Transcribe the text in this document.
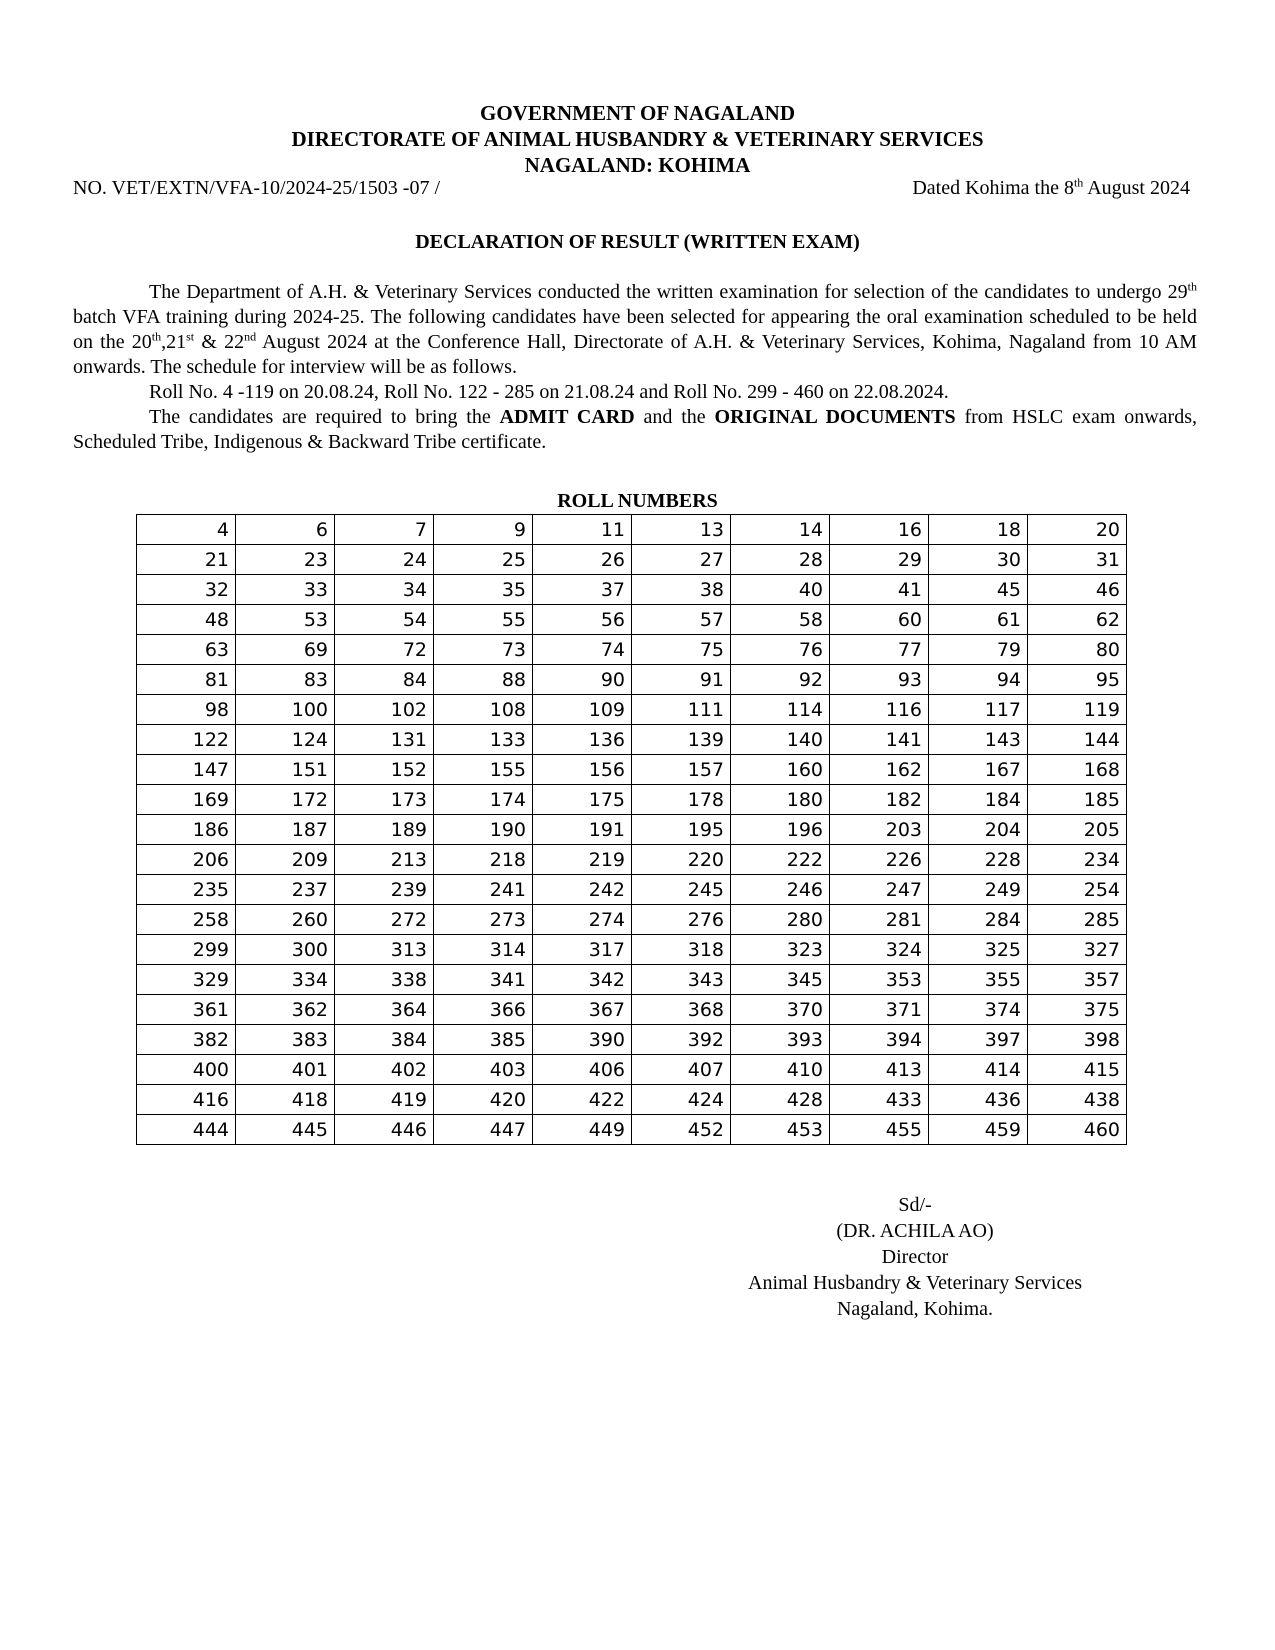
GOVERNMENT OF NAGALAND
DIRECTORATE OF ANIMAL HUSBANDRY & VETERINARY SERVICES
NAGALAND: KOHIMA
NO. VET/EXTN/VFA-10/2024-25/1503 -07 /	Dated Kohima the 8th August 2024
DECLARATION OF RESULT (WRITTEN EXAM)

The Department of A.H. & Veterinary Services conducted the written examination for selection of the candidates to undergo 29th batch VFA training during 2024-25. The following candidates have been selected for appearing the oral examination scheduled to be held on the 20th,21st & 22nd August 2024 at the Conference Hall, Directorate of A.H. & Veterinary Services, Kohima, Nagaland from 10 AM onwards. The schedule for interview will be as follows.

Roll No. 4 -119 on 20.08.24, Roll No. 122 - 285 on 21.08.24 and Roll No. 299 - 460 on 22.08.2024.

The candidates are required to bring the ADMIT CARD and the ORIGINAL DOCUMENTS from HSLC exam onwards, Scheduled Tribe, Indigenous & Backward Tribe certificate.

ROLL NUMBERS
4	6	7	9	11	13	14	16	18	20
21	23	24	25	26	27	28	29	30	31
32	33	34	35	37	38	40	41	45	46
48	53	54	55	56	57	58	60	61	62
63	69	72	73	74	75	76	77	79	80
81	83	84	88	90	91	92	93	94	95
98	100	102	108	109	111	114	116	117	119
122	124	131	133	136	139	140	141	143	144
147	151	152	155	156	157	160	162	167	168
169	172	173	174	175	178	180	182	184	185
186	187	189	190	191	195	196	203	204	205
206	209	213	218	219	220	222	226	228	234
235	237	239	241	242	245	246	247	249	254
258	260	272	273	274	276	280	281	284	285
299	300	313	314	317	318	323	324	325	327
329	334	338	341	342	343	345	353	355	357
361	362	364	366	367	368	370	371	374	375
382	383	384	385	390	392	393	394	397	398
400	401	402	403	406	407	410	413	414	415
416	418	419	420	422	424	428	433	436	438
444	445	446	447	449	452	453	455	459	460
Sd/-
(DR. ACHILA AO)
Director
Animal Husbandry & Veterinary Services
Nagaland, Kohima.
